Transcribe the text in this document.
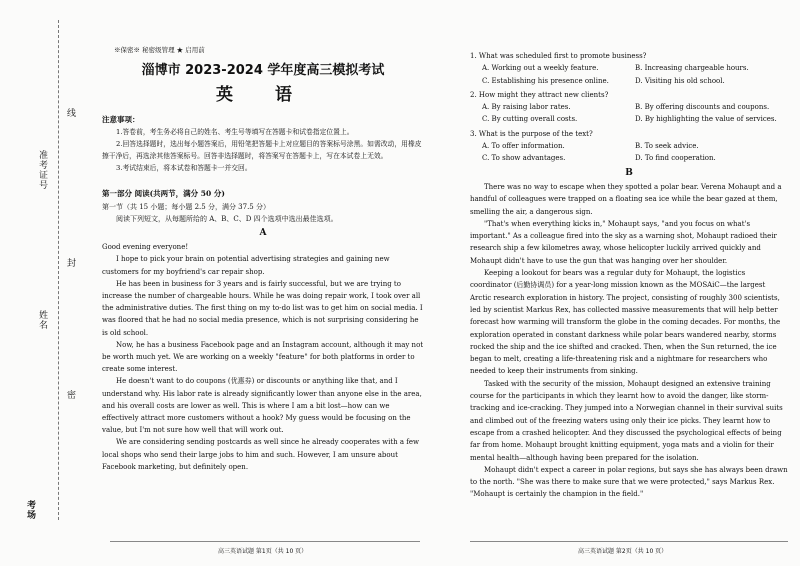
线
准考证号
姓名
封
密
考场
※保密※ 秘密级管理 ★ 启用前
淄博市 2023-2024 学年度高三模拟考试
英 语
注意事项：

1.答卷前，考生务必将自己的姓名、考生号等填写在答题卡和试卷指定位置上。

2.回答选择题时，选出每小题答案后，用铅笔把答题卡上对应题目的答案标号涂黑。如需改动，用橡皮擦干净后，再选涂其他答案标号。回答非选择题时，将答案写在答题卡上，写在本试卷上无效。

3.考试结束后，将本试卷和答题卡一并交回。

第一部分 阅读(共两节，满分 50 分)
第一节（共 15 小题；每小题 2.5 分，满分 37.5 分）
阅读下列短文，从每题所给的 A、B、C、D 四个选项中选出最佳选项。
A

Good evening everyone!

I hope to pick your brain on potential advertising strategies and gaining new customers for my boyfriend's car repair shop.

He has been in business for 3 years and is fairly successful, but we are trying to increase the number of chargeable hours. While he was doing repair work, I took over all the administrative duties. The first thing on my to-do list was to get him on social media. I was floored that he had no social media presence, which is not surprising considering he is old school.

Now, he has a business Facebook page and an Instagram account, although it may not be worth much yet. We are working on a weekly "feature" for both platforms in order to create some interest.

He doesn't want to do coupons (优惠券) or discounts or anything like that, and I understand why. His labor rate is already significantly lower than anyone else in the area, and his overall costs are lower as well. This is where I am a bit lost—how can we effectively attract more customers without a hook? My guess would be focusing on the value, but I'm not sure how well that will work out.

We are considering sending postcards as well since he already cooperates with a few local shops who send their large jobs to him and such. However, I am unsure about Facebook marketing, but definitely open.

高三英语试题 第1页（共 10 页）

1. What was scheduled first to promote business?

A. Working out a weekly feature.	B. Increasing chargeable hours.
C. Establishing his presence online.	D. Visiting his old school.

2. How might they attract new clients?

A. By raising labor rates.	B. By offering discounts and coupons.
C. By cutting overall costs.	D. By highlighting the value of services.

3. What is the purpose of the text?

A. To offer information.	B. To seek advice.
C. To show advantages.	D. To find cooperation.
B

There was no way to escape when they spotted a polar bear. Verena Mohaupt and a handful of colleagues were trapped on a floating sea ice while the bear gazed at them, smelling the air, a dangerous sign.

"That's when everything kicks in," Mohaupt says, "and you focus on what's important." As a colleague fired into the sky as a warning shot, Mohaupt radioed their research ship a few kilometres away, whose helicopter luckily arrived quickly and Mohaupt didn't have to use the gun that was hanging over her shoulder.

Keeping a lookout for bears was a regular duty for Mohaupt, the logistics coordinator (后勤协调员) for a year-long mission known as the MOSAiC—the largest Arctic research exploration in history. The project, consisting of roughly 300 scientists, led by scientist Markus Rex, has collected massive measurements that will help better forecast how warming will transform the globe in the coming decades. For months, the exploration operated in constant darkness while polar bears wandered nearby, storms rocked the ship and the ice shifted and cracked. Then, when the Sun returned, the ice began to melt, creating a life-threatening risk and a nightmare for researchers who needed to keep their instruments from sinking.

Tasked with the security of the mission, Mohaupt designed an extensive training course for the participants in which they learnt how to avoid the danger, like storm-tracking and ice-cracking. They jumped into a Norwegian channel in their survival suits and climbed out of the freezing waters using only their ice picks. They learnt how to escape from a crashed helicopter. And they discussed the psychological effects of being far from home. Mohaupt brought knitting equipment, yoga mats and a violin for their mental health—although having been prepared for the isolation.

Mohaupt didn't expect a career in polar regions, but says she has always been drawn to the north. "She was there to make sure that we were protected," says Markus Rex. "Mohaupt is certainly the champion in the field."

高三英语试题 第2页（共 10 页）
